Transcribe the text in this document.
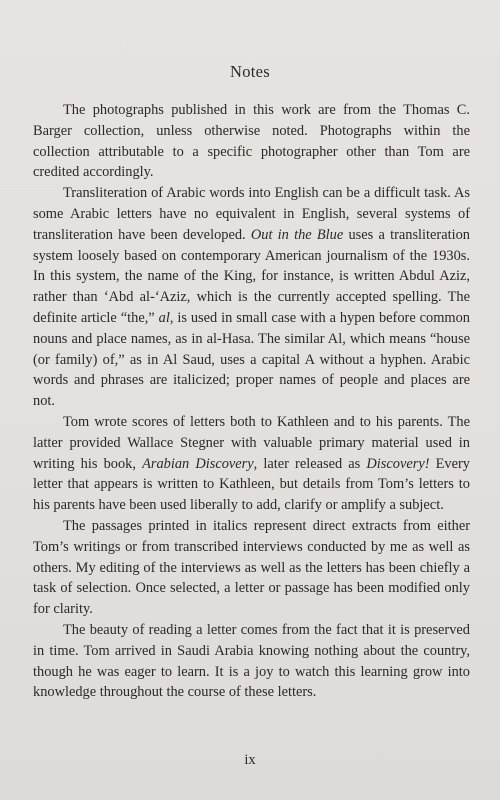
Notes

The photographs published in this work are from the Thomas C. Barger collection, unless otherwise noted. Photographs within the collection attributable to a specific photographer other than Tom are credited accordingly.

Transliteration of Arabic words into English can be a difficult task. As some Arabic letters have no equivalent in English, several systems of transliteration have been developed. Out in the Blue uses a transliteration system loosely based on contemporary American journalism of the 1930s. In this system, the name of the King, for instance, is written Abdul Aziz, rather than ‘Abd al-‘Aziz, which is the currently accepted spelling. The definite article “the,” al, is used in small case with a hypen before common nouns and place names, as in al-Hasa. The similar Al, which means “house (or family) of,” as in Al Saud, uses a capital A without a hyphen. Arabic words and phrases are italicized; proper names of people and places are not.

Tom wrote scores of letters both to Kathleen and to his parents. The latter provided Wallace Stegner with valuable primary material used in writing his book, Arabian Discovery, later released as Discovery! Every letter that appears is written to Kathleen, but details from Tom’s letters to his parents have been used liberally to add, clarify or amplify a subject.

The passages printed in italics represent direct extracts from either Tom’s writings or from transcribed interviews conducted by me as well as others. My editing of the interviews as well as the letters has been chiefly a task of selection. Once selected, a letter or passage has been modified only for clarity.

The beauty of reading a letter comes from the fact that it is preserved in time. Tom arrived in Saudi Arabia knowing nothing about the country, though he was eager to learn. It is a joy to watch this learning grow into knowledge throughout the course of these letters.

ix
